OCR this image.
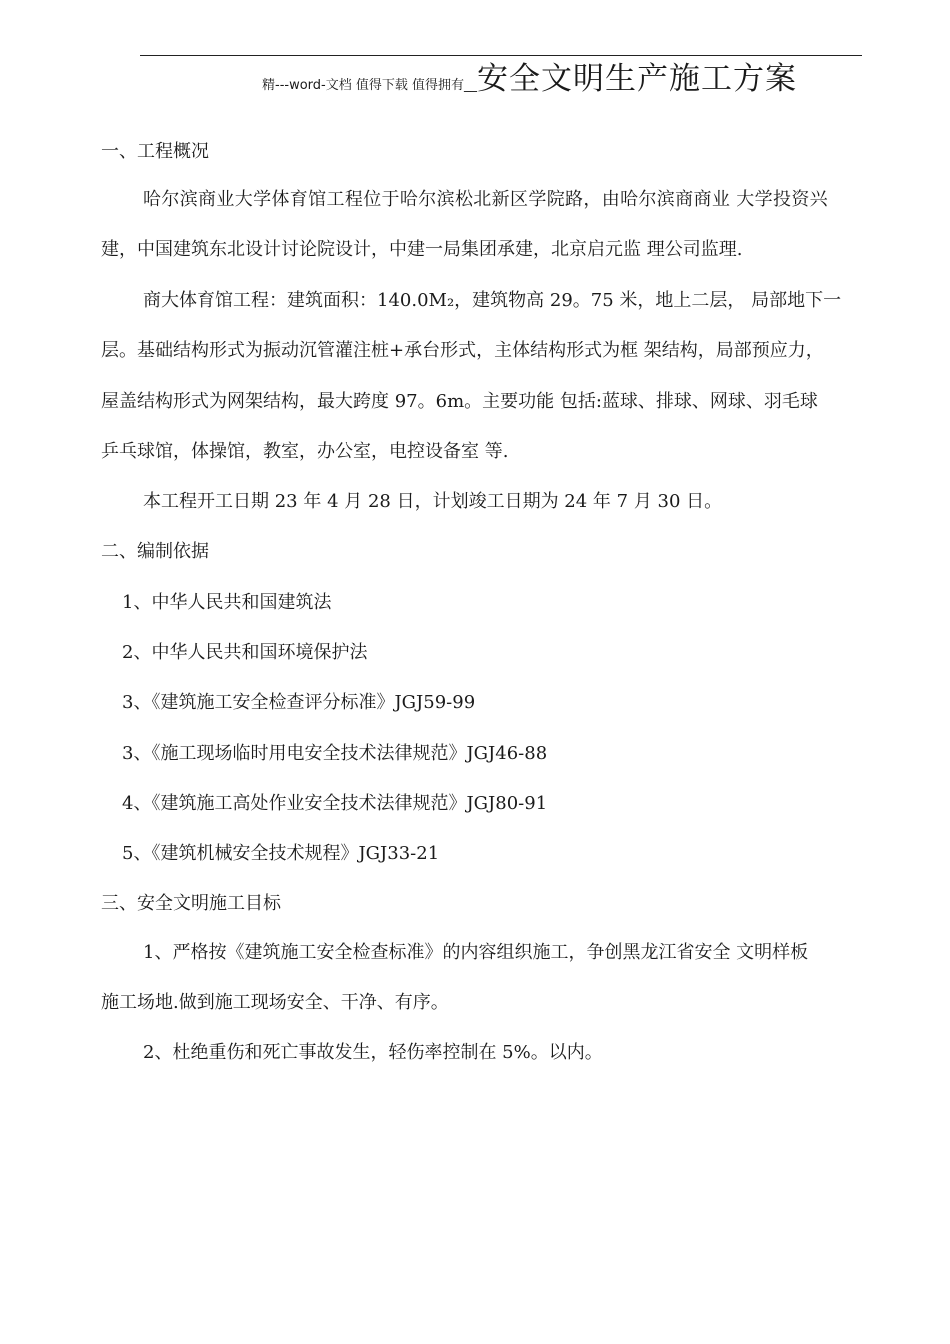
精---word-文档 值得下载 值得拥有__安全文明生产施工方案
一、工程概况
哈尔滨商业大学体育馆工程位于哈尔滨松北新区学院路，由哈尔滨商商业 大学投资兴
建，中国建筑东北设计讨论院设计，中建一局集团承建，北京启元监 理公司监理.
商大体育馆工程：建筑面积：140.0M₂，建筑物高 29。75 米，地上二层， 局部地下一
层。基础结构形式为振动沉管灌注桩+承台形式，主体结构形式为框 架结构，局部预应力，
屋盖结构形式为网架结构，最大跨度 97。6m。主要功能 包括:蓝球、排球、网球、羽毛球
乒乓球馆，体操馆，教室，办公室，电控设备室 等.
本工程开工日期 23 年 4 月 28 日，计划竣工日期为 24 年 7 月 30 日。
二、编制依据
1、中华人民共和国建筑法
2、中华人民共和国环境保护法
3、《建筑施工安全检查评分标准》JGJ59-99
3、《施工现场临时用电安全技术法律规范》JGJ46-88
4、《建筑施工高处作业安全技术法律规范》JGJ80-91
5、《建筑机械安全技术规程》JGJ33-21
三、安全文明施工目标
1、严格按《建筑施工安全检查标准》的内容组织施工，争创黑龙江省安全 文明样板
施工场地.做到施工现场安全、干净、有序。
2、杜绝重伤和死亡事故发生，轻伤率控制在 5%。以内。
